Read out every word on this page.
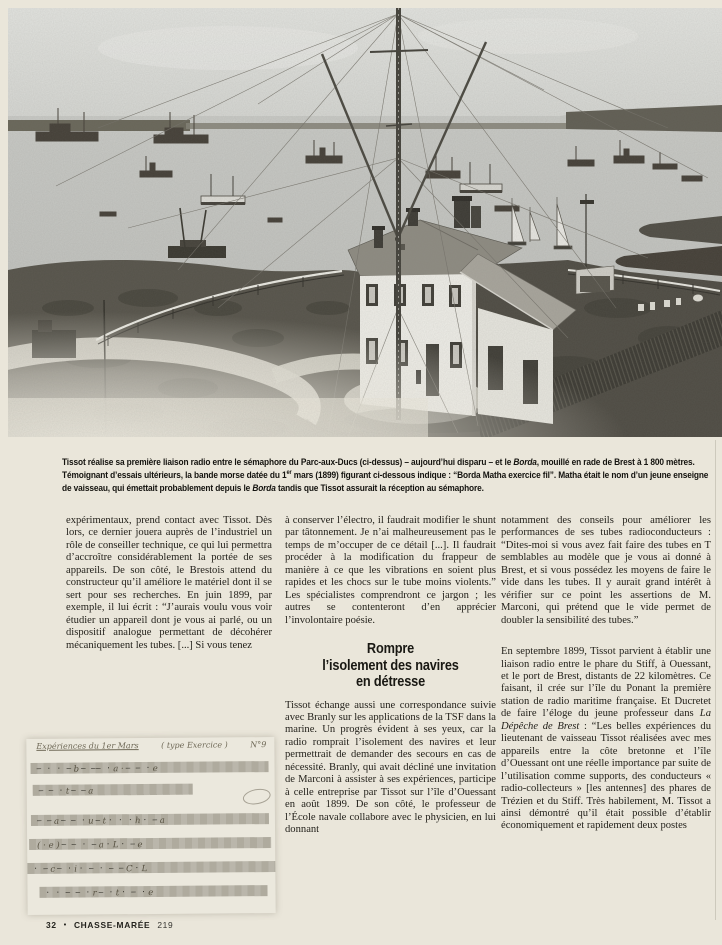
Tissot réalise sa première liaison radio entre le sémaphore du Parc-aux-Ducs (ci-dessus) – aujourd’hui disparu – et le Borda, mouillé en rade de Brest à 1 800 mètres. Témoignant d’essais ultérieurs, la bande morse datée du 1er mars (1899) figurant ci-dessous indique : “Borda Matha exercice fil”. Matha était le nom d’un jeune enseigne de vaisseau, qui émettait probablement depuis le Borda tandis que Tissot assurait la réception au sémaphore.

expérimentaux, prend contact avec Tissot. Dès lors, ce dernier jouera auprès de l’industriel un rôle de conseiller technique, ce qui lui permettra d’accroître considérablement la portée de ses appareils. De son côté, le Brestois attend du constructeur qu’il améliore le matériel dont il se sert pour ses recherches. En juin 1899, par exemple, il lui écrit : “J’aurais voulu vous voir étudier un appareil dont je vous ai parlé, ou un dispositif analogue permettant de décohérer mécaniquement les tubes. [...] Si vous tenez

à conserver l’électro, il faudrait modifier le shunt par tâtonnement. Je n’ai malheureusement pas le temps de m’occuper de ce détail [...]. Il faudrait procéder à la modification du frappeur de manière à ce que les vibrations en soient plus rapides et les chocs sur le tube moins violents.” Les spécialistes comprendront ce jargon ; les autres se contenteront d’en apprécier l’involontaire poésie.

Rompre
l’isolement des navires
en détresse

Tissot échange aussi une correspondance suivie avec Branly sur les applications de la TSF dans la marine. Un progrès évident à ses yeux, car la radio romprait l’isolement des navires et leur permettrait de demander des secours en cas de nécessité. Branly, qui avait décliné une invitation de Marconi à assister à ses expériences, participe à celle entreprise par Tissot sur l’île d’Ouessant en août 1899. De son côté, le professeur de l’École navale collabore avec le physicien, en lui donnant

notamment des conseils pour améliorer les performances de ses tubes radioconducteurs : “Dites-moi si vous avez fait faire des tubes en T semblables au modèle que je vous ai donné à Brest, et si vous possédez les moyens de faire le vide dans les tubes. Il y aurait grand intérêt à vérifier sur ce point les assertions de M. Marconi, qui prétend que le vide permet de doubler la sensibilité des tubes.”

En septembre 1899, Tissot parvient à établir une liaison radio entre le phare du Stiff, à Ouessant, et le port de Brest, distants de 22 kilomètres. Ce faisant, il crée sur l’île du Ponant la première station de radio maritime française. Et Ducretet de faire l’éloge du jeune professeur dans La Dépêche de Brest : “Les belles expériences du lieutenant de vaisseau Tissot réalisées avec mes appareils entre la côte bretonne et l’île d’Ouessant ont une réelle importance par suite de l’utilisation comme supports, des conducteurs « radio-collecteurs » [les antennes] des phares de Trézien et du Stiff. Très habilement, M. Tissot a ainsi démontré qu’il était possible d’établir économiquement et rapidement deux postes

Expériences du 1er Mars	( type Exercice )	N°9
— · · — b — — — · a · — — · e
— — · t — — a
— — a — — · u — t · · · h · — a
( · e ) — — · — a · L · — e
· — c — · i · — · — — C · L
· · — — · r — · t · — · e
32 • CHASSE-MARÉE 219
